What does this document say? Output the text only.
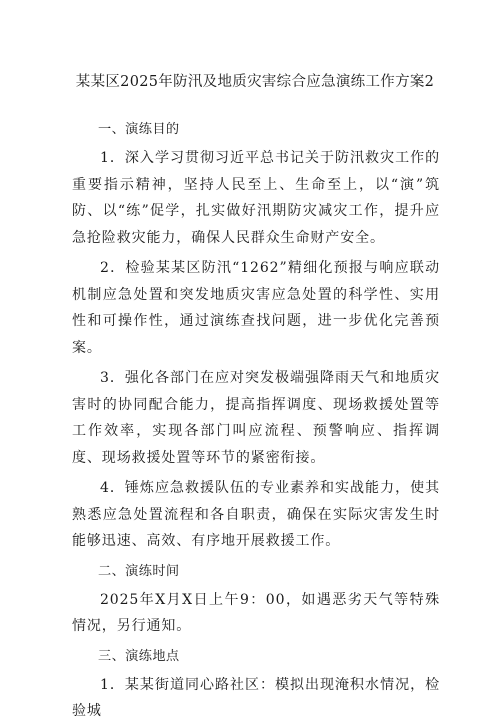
某某区2025年防汛及地质灾害综合应急演练工作方案2
一、演练目的
1．深入学习贯彻习近平总书记关于防汛救灾工作的重要指示精神，坚持人民至上、生命至上，以“演”筑防、以“练”促学，扎实做好汛期防灾减灾工作，提升应急抢险救灾能力，确保人民群众生命财产安全。
2．检验某某区防汛“1262”精细化预报与响应联动机制应急处置和突发地质灾害应急处置的科学性、实用性和可操作性，通过演练查找问题，进一步优化完善预案。
3．强化各部门在应对突发极端强降雨天气和地质灾害时的协同配合能力，提高指挥调度、现场救援处置等工作效率，实现各部门叫应流程、预警响应、指挥调度、现场救援处置等环节的紧密衔接。
4．锤炼应急救援队伍的专业素养和实战能力，使其熟悉应急处置流程和各自职责，确保在实际灾害发生时能够迅速、高效、有序地开展救援工作。
二、演练时间
2025年X月X日上午9：00，如遇恶劣天气等特殊情况，另行通知。
三、演练地点
1．某某街道同心路社区：模拟出现淹积水情况，检验城
